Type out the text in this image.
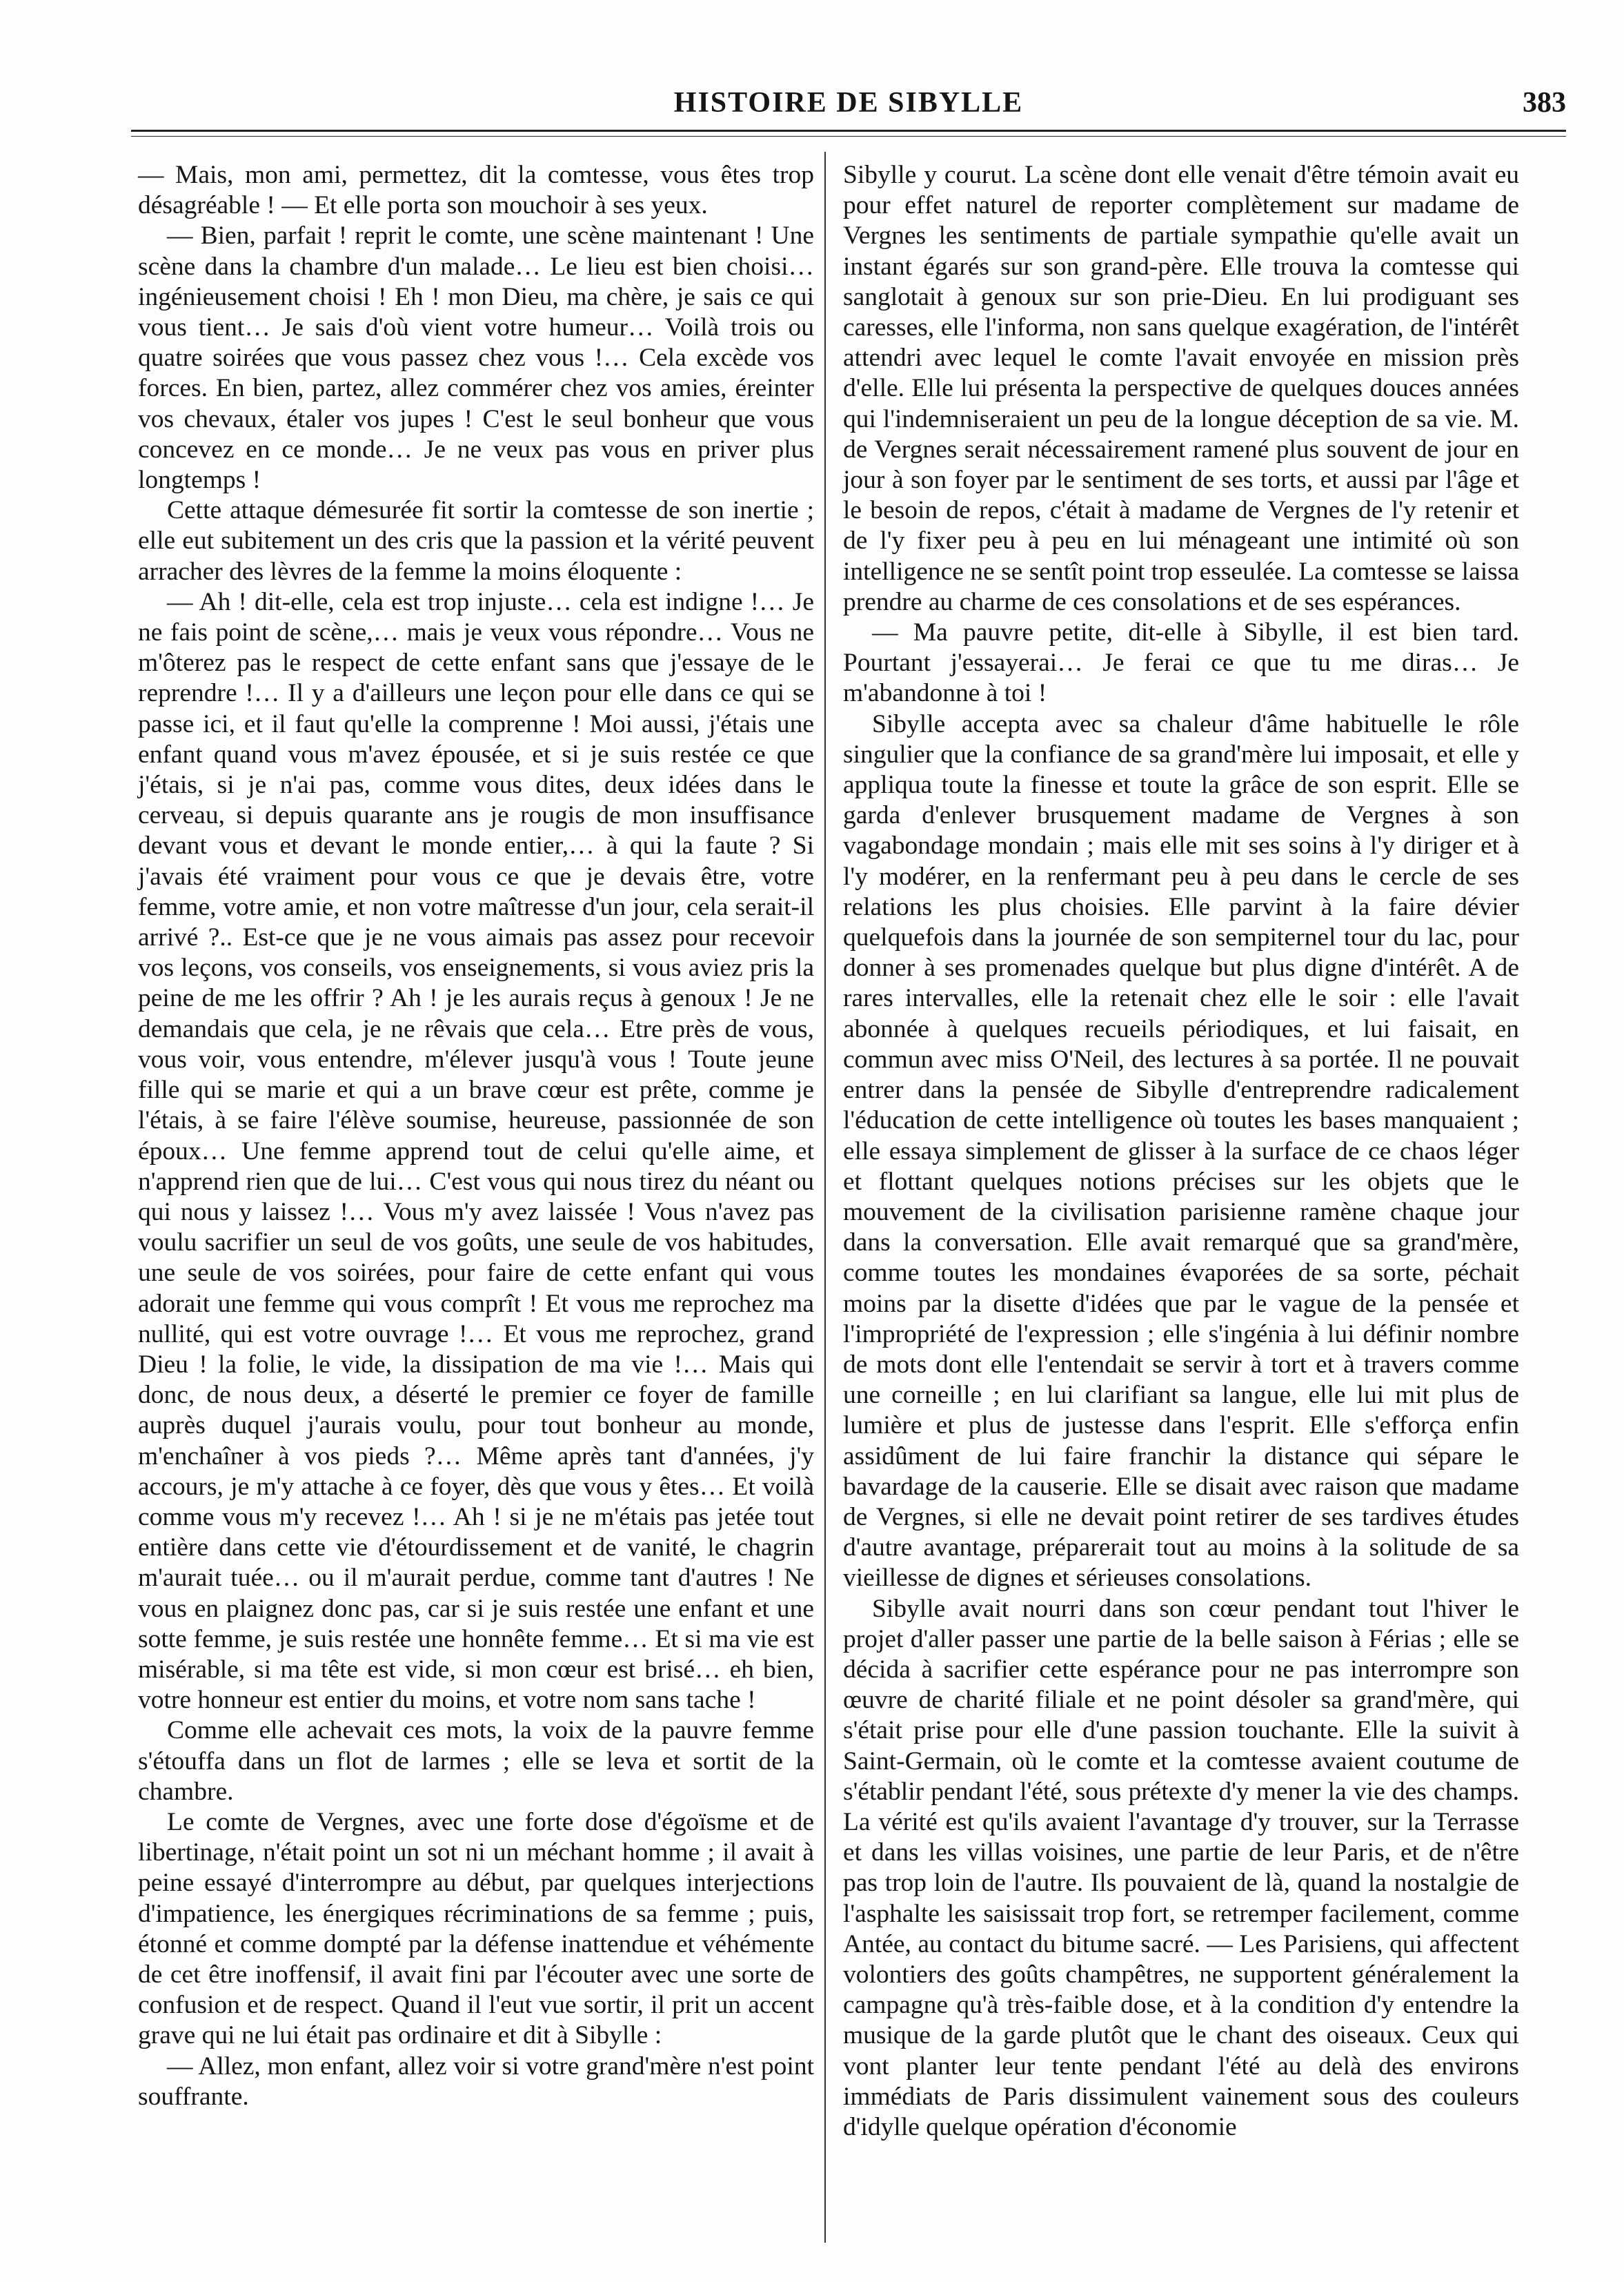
HISTOIRE DE SIBYLLE	383

— Mais, mon ami, permettez, dit la comtesse, vous êtes trop désagréable ! — Et elle porta son mouchoir à ses yeux.

— Bien, parfait ! reprit le comte, une scène maintenant ! Une scène dans la chambre d'un malade… Le lieu est bien choisi… ingénieusement choisi ! Eh ! mon Dieu, ma chère, je sais ce qui vous tient… Je sais d'où vient votre humeur… Voilà trois ou quatre soirées que vous passez chez vous !… Cela excède vos forces. En bien, partez, allez commérer chez vos amies, éreinter vos chevaux, étaler vos jupes ! C'est le seul bonheur que vous concevez en ce monde… Je ne veux pas vous en priver plus longtemps !

Cette attaque démesurée fit sortir la comtesse de son inertie ; elle eut subitement un des cris que la passion et la vérité peuvent arracher des lèvres de la femme la moins éloquente :

— Ah ! dit-elle, cela est trop injuste… cela est indigne !… Je ne fais point de scène,… mais je veux vous répondre… Vous ne m'ôterez pas le respect de cette enfant sans que j'essaye de le reprendre !… Il y a d'ailleurs une leçon pour elle dans ce qui se passe ici, et il faut qu'elle la comprenne ! Moi aussi, j'étais une enfant quand vous m'avez épousée, et si je suis restée ce que j'étais, si je n'ai pas, comme vous dites, deux idées dans le cerveau, si depuis quarante ans je rougis de mon insuffisance devant vous et devant le monde entier,… à qui la faute ? Si j'avais été vraiment pour vous ce que je devais être, votre femme, votre amie, et non votre maîtresse d'un jour, cela serait-il arrivé ?.. Est-ce que je ne vous aimais pas assez pour recevoir vos leçons, vos conseils, vos enseignements, si vous aviez pris la peine de me les offrir ? Ah ! je les aurais reçus à genoux ! Je ne demandais que cela, je ne rêvais que cela… Etre près de vous, vous voir, vous entendre, m'élever jusqu'à vous ! Toute jeune fille qui se marie et qui a un brave cœur est prête, comme je l'étais, à se faire l'élève soumise, heureuse, passionnée de son époux… Une femme apprend tout de celui qu'elle aime, et n'apprend rien que de lui… C'est vous qui nous tirez du néant ou qui nous y laissez !… Vous m'y avez laissée ! Vous n'avez pas voulu sacrifier un seul de vos goûts, une seule de vos habitudes, une seule de vos soirées, pour faire de cette enfant qui vous adorait une femme qui vous comprît ! Et vous me reprochez ma nullité, qui est votre ouvrage !… Et vous me reprochez, grand Dieu ! la folie, le vide, la dissipation de ma vie !… Mais qui donc, de nous deux, a déserté le premier ce foyer de famille auprès duquel j'aurais voulu, pour tout bonheur au monde, m'enchaîner à vos pieds ?… Même après tant d'années, j'y accours, je m'y attache à ce foyer, dès que vous y êtes… Et voilà comme vous m'y recevez !… Ah ! si je ne m'étais pas jetée tout entière dans cette vie d'étourdissement et de vanité, le chagrin m'aurait tuée… ou il m'aurait perdue, comme tant d'autres ! Ne vous en plaignez donc pas, car si je suis restée une enfant et une sotte femme, je suis restée une honnête femme… Et si ma vie est misérable, si ma tête est vide, si mon cœur est brisé… eh bien, votre honneur est entier du moins, et votre nom sans tache !

Comme elle achevait ces mots, la voix de la pauvre femme s'étouffa dans un flot de larmes ; elle se leva et sortit de la chambre.

Le comte de Vergnes, avec une forte dose d'égoïsme et de libertinage, n'était point un sot ni un méchant homme ; il avait à peine essayé d'interrompre au début, par quelques interjections d'impatience, les énergiques récriminations de sa femme ; puis, étonné et comme dompté par la défense inattendue et véhémente de cet être inoffensif, il avait fini par l'écouter avec une sorte de confusion et de respect. Quand il l'eut vue sortir, il prit un accent grave qui ne lui était pas ordinaire et dit à Sibylle :

— Allez, mon enfant, allez voir si votre grand'mère n'est point souffrante.

Sibylle y courut. La scène dont elle venait d'être témoin avait eu pour effet naturel de reporter complètement sur madame de Vergnes les sentiments de partiale sympathie qu'elle avait un instant égarés sur son grand-père. Elle trouva la comtesse qui sanglotait à genoux sur son prie-Dieu. En lui prodiguant ses caresses, elle l'informa, non sans quelque exagération, de l'intérêt attendri avec lequel le comte l'avait envoyée en mission près d'elle. Elle lui présenta la perspective de quelques douces années qui l'indemniseraient un peu de la longue déception de sa vie. M. de Vergnes serait nécessairement ramené plus souvent de jour en jour à son foyer par le sentiment de ses torts, et aussi par l'âge et le besoin de repos, c'était à madame de Vergnes de l'y retenir et de l'y fixer peu à peu en lui ménageant une intimité où son intelligence ne se sentît point trop esseulée. La comtesse se laissa prendre au charme de ces consolations et de ses espérances.

— Ma pauvre petite, dit-elle à Sibylle, il est bien tard. Pourtant j'essayerai… Je ferai ce que tu me diras… Je m'abandonne à toi !

Sibylle accepta avec sa chaleur d'âme habituelle le rôle singulier que la confiance de sa grand'mère lui imposait, et elle y appliqua toute la finesse et toute la grâce de son esprit. Elle se garda d'enlever brusquement madame de Vergnes à son vagabondage mondain ; mais elle mit ses soins à l'y diriger et à l'y modérer, en la renfermant peu à peu dans le cercle de ses relations les plus choisies. Elle parvint à la faire dévier quelquefois dans la journée de son sempiternel tour du lac, pour donner à ses promenades quelque but plus digne d'intérêt. A de rares intervalles, elle la retenait chez elle le soir : elle l'avait abonnée à quelques recueils périodiques, et lui faisait, en commun avec miss O'Neil, des lectures à sa portée. Il ne pouvait entrer dans la pensée de Sibylle d'entreprendre radicalement l'éducation de cette intelligence où toutes les bases manquaient ; elle essaya simplement de glisser à la surface de ce chaos léger et flottant quelques notions précises sur les objets que le mouvement de la civilisation parisienne ramène chaque jour dans la conversation. Elle avait remarqué que sa grand'mère, comme toutes les mondaines évaporées de sa sorte, péchait moins par la disette d'idées que par le vague de la pensée et l'impropriété de l'expression ; elle s'ingénia à lui définir nombre de mots dont elle l'entendait se servir à tort et à travers comme une corneille ; en lui clarifiant sa langue, elle lui mit plus de lumière et plus de justesse dans l'esprit. Elle s'efforça enfin assidûment de lui faire franchir la distance qui sépare le bavardage de la causerie. Elle se disait avec raison que madame de Vergnes, si elle ne devait point retirer de ses tardives études d'autre avantage, préparerait tout au moins à la solitude de sa vieillesse de dignes et sérieuses consolations.

Sibylle avait nourri dans son cœur pendant tout l'hiver le projet d'aller passer une partie de la belle saison à Férias ; elle se décida à sacrifier cette espérance pour ne pas interrompre son œuvre de charité filiale et ne point désoler sa grand'mère, qui s'était prise pour elle d'une passion touchante. Elle la suivit à Saint-Germain, où le comte et la comtesse avaient coutume de s'établir pendant l'été, sous prétexte d'y mener la vie des champs. La vérité est qu'ils avaient l'avantage d'y trouver, sur la Terrasse et dans les villas voisines, une partie de leur Paris, et de n'être pas trop loin de l'autre. Ils pouvaient de là, quand la nostalgie de l'asphalte les saisissait trop fort, se retremper facilement, comme Antée, au contact du bitume sacré. — Les Parisiens, qui affectent volontiers des goûts champêtres, ne supportent généralement la campagne qu'à très-faible dose, et à la condition d'y entendre la musique de la garde plutôt que le chant des oiseaux. Ceux qui vont planter leur tente pendant l'été au delà des environs immédiats de Paris dissimulent vainement sous des couleurs d'idylle quelque opération d'économie
